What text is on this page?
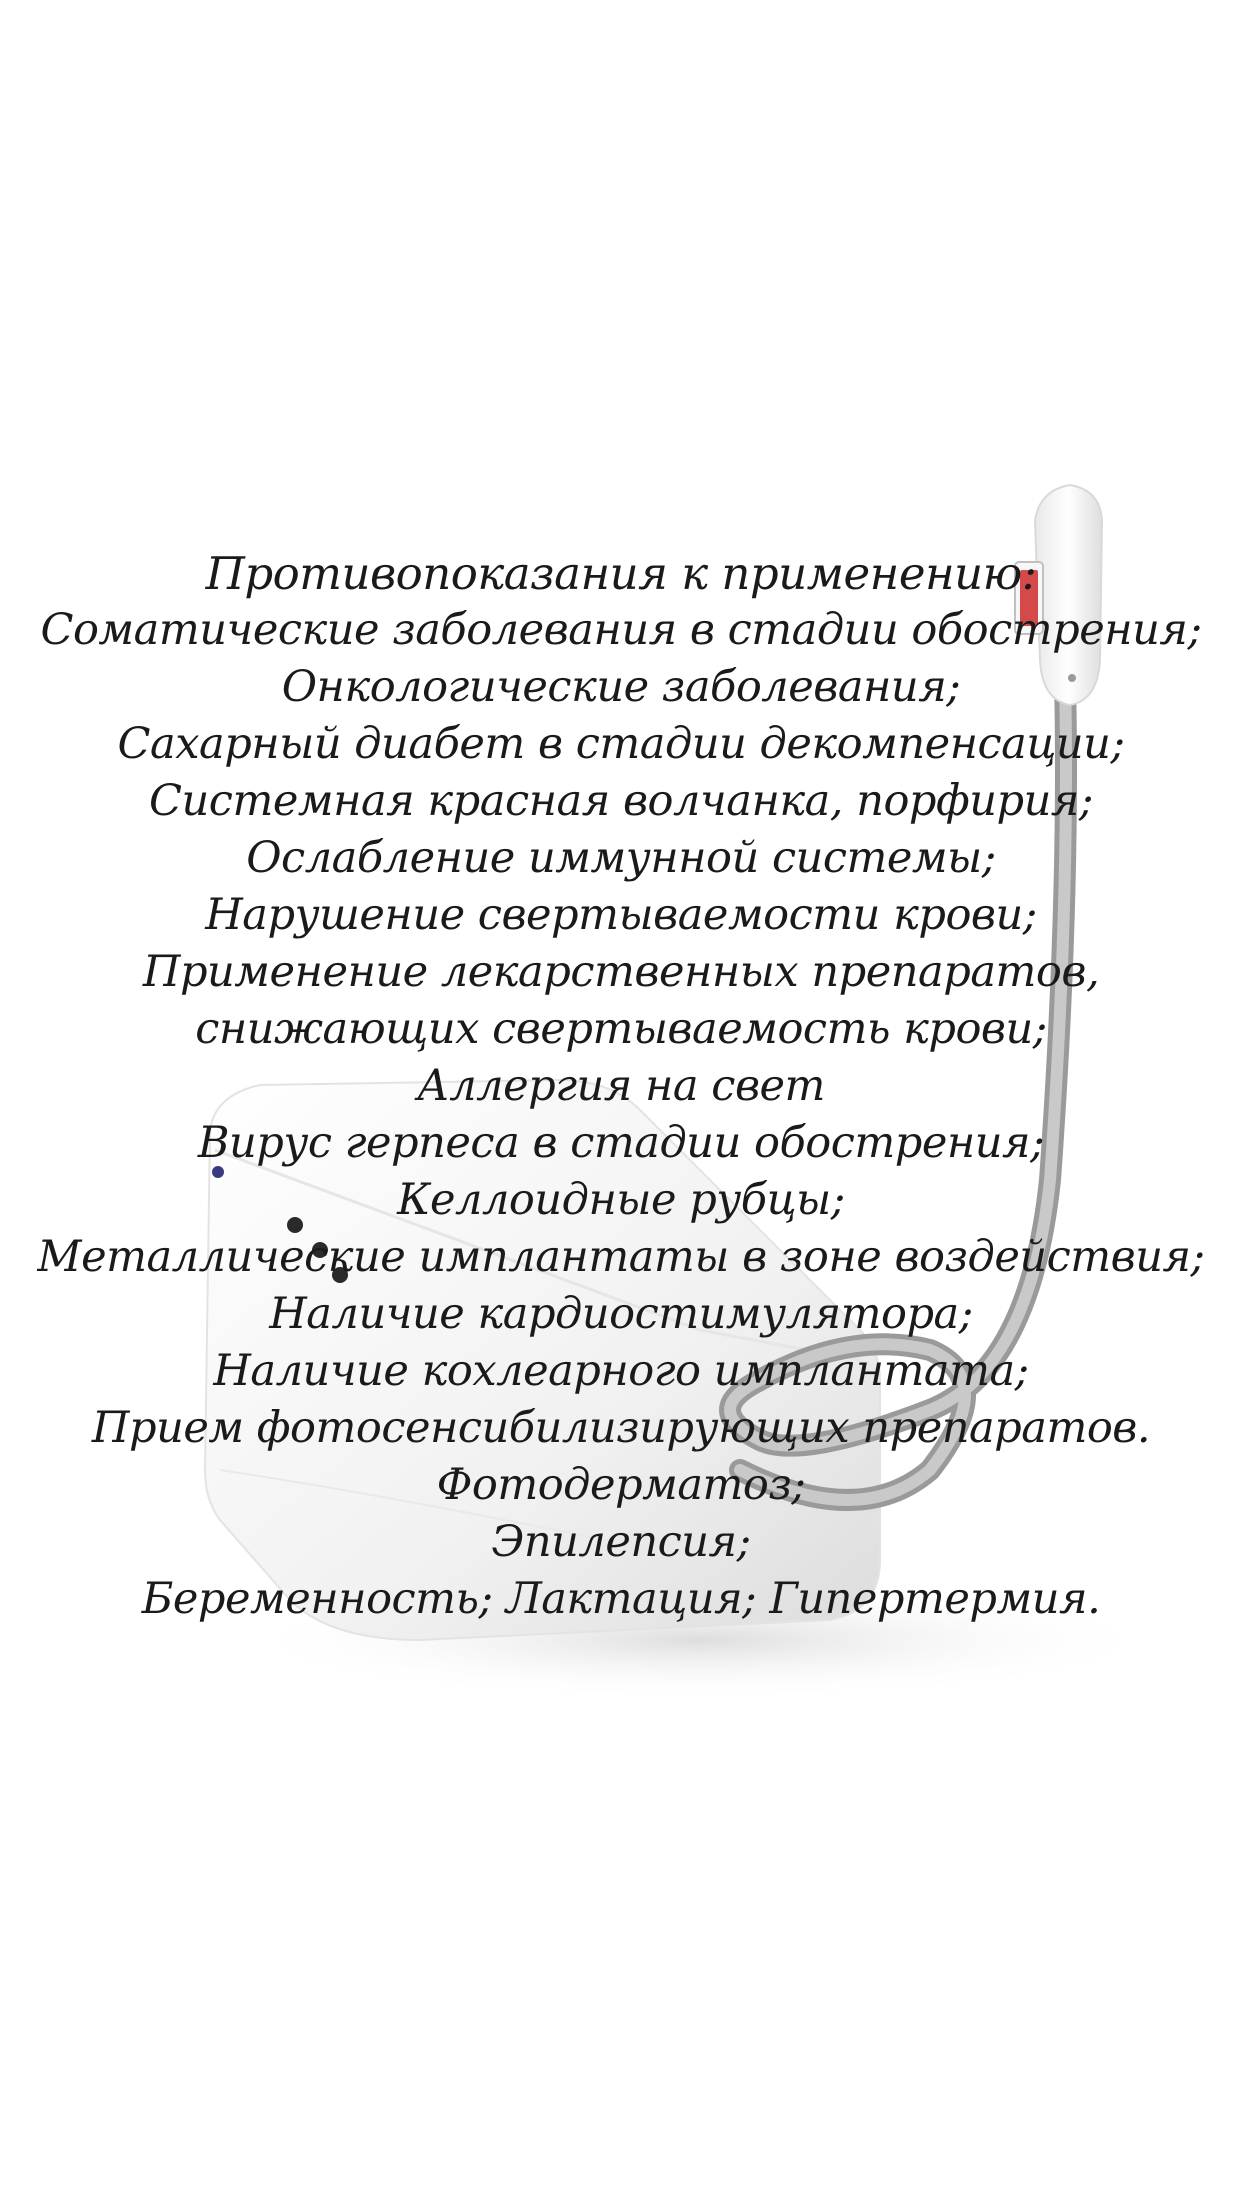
Противопоказания к применению:
Соматические заболевания в стадии обострения;
Онкологические заболевания;
Сахарный диабет в стадии декомпенсации;
Системная красная волчанка, порфирия;
Ослабление иммунной системы;
Нарушение свертываемости крови;
Применение лекарственных препаратов,
снижающих свертываемость крови;
Аллергия на свет
Вирус герпеса в стадии обострения;
Келлоидные рубцы;
Металлические имплантаты в зоне воздействия;
Наличие кардиостимулятора;
Наличие кохлеарного имплантата;
Прием фотосенсибилизирующих препаратов.
Фотодерматоз;
Эпилепсия;
Беременность; Лактация; Гипертермия.
